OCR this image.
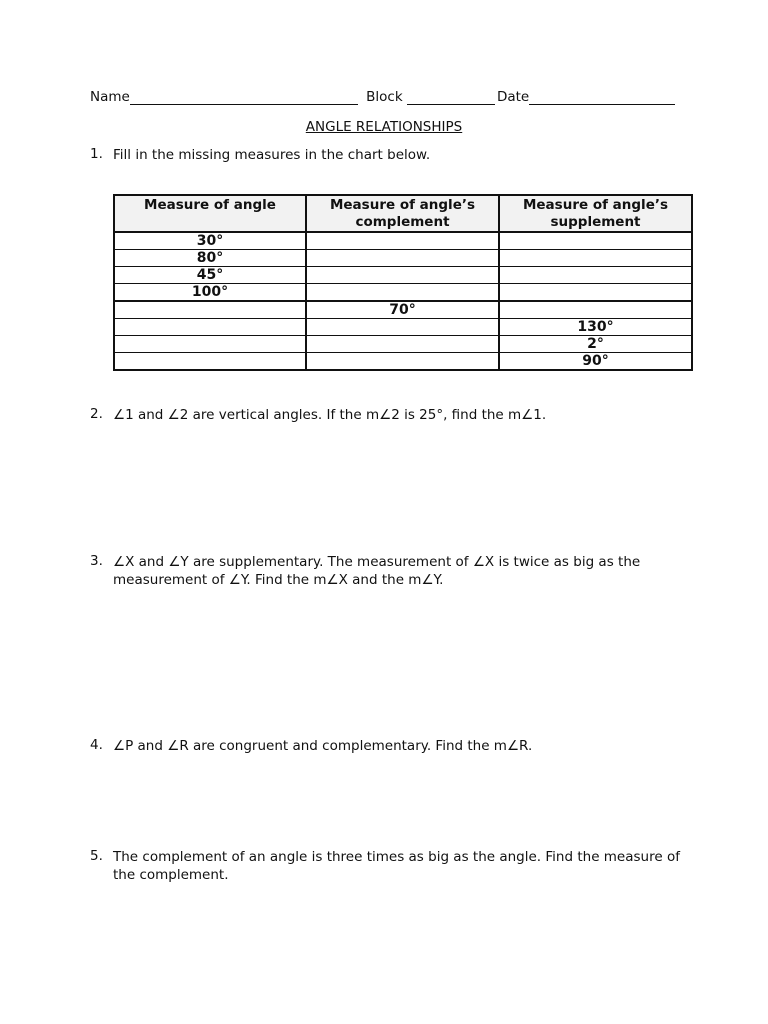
Name	Block	Date
ANGLE RELATIONSHIPS
1. Fill in the missing measures in the chart below.
Measure of angle	Measure of angle’s complement	Measure of angle’s supplement
30°		
80°		
45°		
100°		
	70°	
		130°
		2°
		90°
2. ∠1 and ∠2 are vertical angles. If the m∠2 is 25°, find the m∠1.
3. ∠X and ∠Y are supplementary. The measurement of ∠X is twice as big as the measurement of ∠Y. Find the m∠X and the m∠Y.
4. ∠P and ∠R are congruent and complementary. Find the m∠R.
5. The complement of an angle is three times as big as the angle. Find the measure of the complement.
